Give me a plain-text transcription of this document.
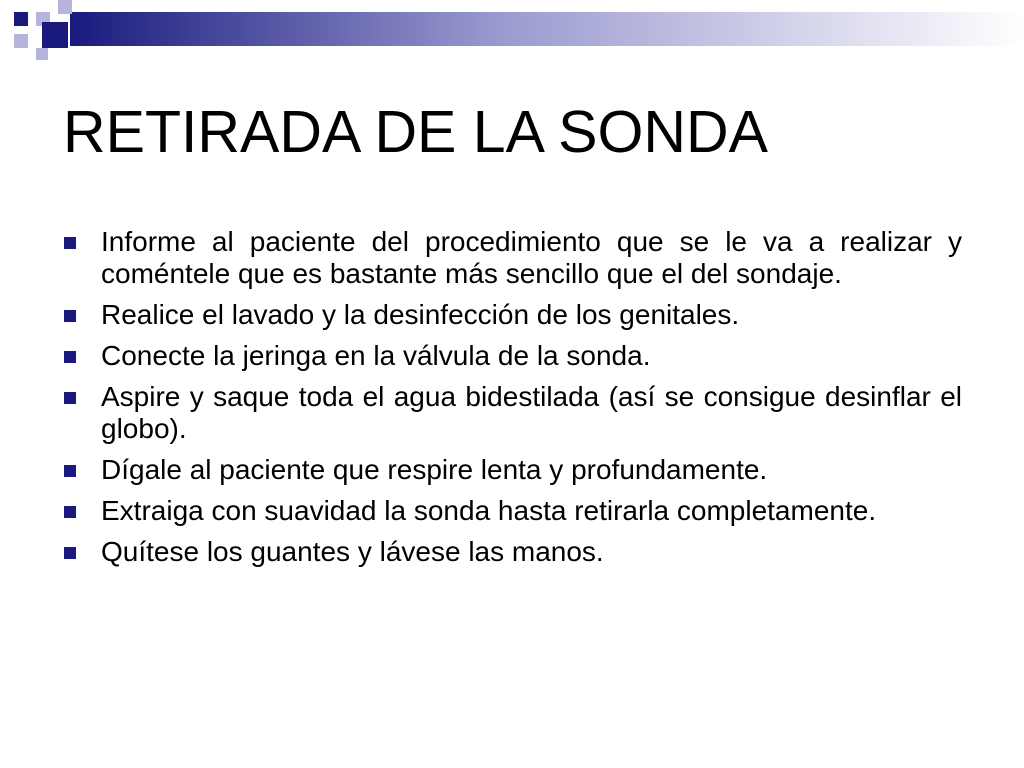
RETIRADA DE LA SONDA
Informe al paciente del procedimiento que se le va a realizar y coméntele que es bastante más sencillo que el del sondaje.
Realice el lavado y la desinfección de los genitales.
Conecte la jeringa en la válvula de la sonda.
Aspire y saque toda el agua bidestilada (así se consigue desinflar el globo).
Dígale al paciente que respire lenta y profundamente.
Extraiga con suavidad la sonda hasta retirarla completamente.
Quítese los guantes y lávese las manos.
